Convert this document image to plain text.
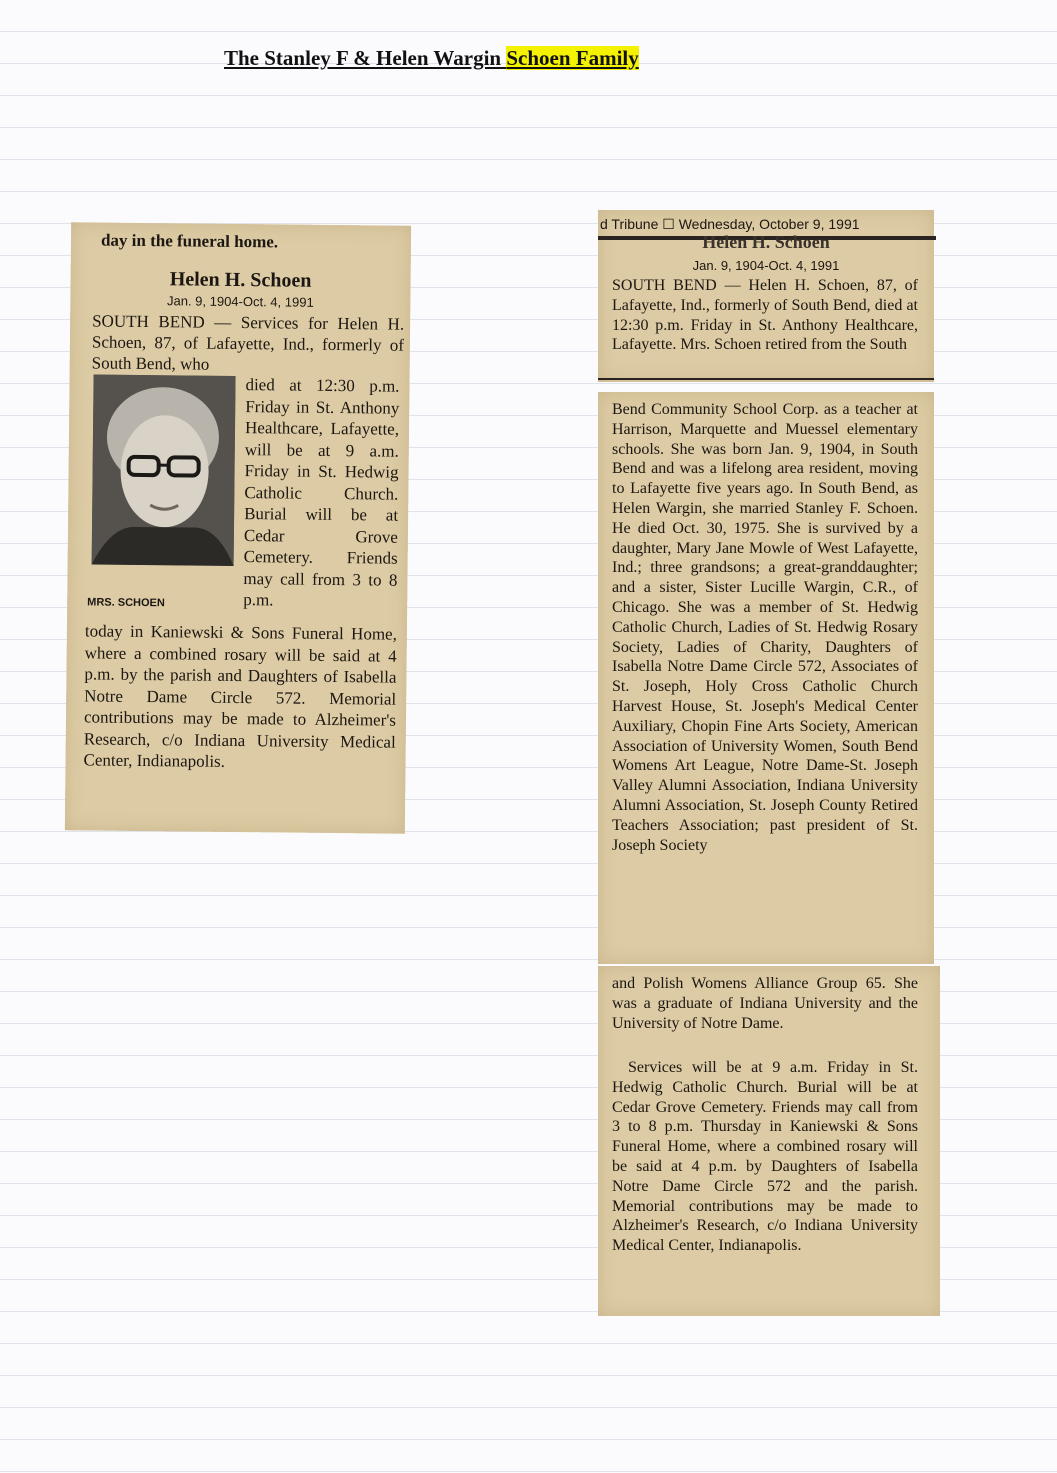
The Stanley F & Helen Wargin Schoen Family

day in the funeral home.

Helen H. Schoen

Jan. 9, 1904-Oct. 4, 1991

SOUTH BEND — Services for Helen H. Schoen, 87, of Lafayette, Ind., formerly of South Bend, who

MRS. SCHOEN

died at 12:30 p.m. Friday in St. Anthony Healthcare, Lafayette, will be at 9 a.m. Friday in St. Hedwig Catholic Church. Burial will be at Cedar Grove Cemetery. Friends may call from 3 to 8 p.m.

today in Kaniewski & Sons Funeral Home, where a combined rosary will be said at 4 p.m. by the parish and Daughters of Isabella Notre Dame Circle 572. Memorial contributions may be made to Alzheimer's Research, c/o Indiana University Medical Center, Indianapolis.

d Tribune ☐ Wednesday, October 9, 1991

Helen H. Schoen

Jan. 9, 1904-Oct. 4, 1991

SOUTH BEND — Helen H. Schoen, 87, of Lafayette, Ind., formerly of South Bend, died at 12:30 p.m. Friday in St. Anthony Healthcare, Lafayette. Mrs. Schoen retired from the South

Bend Community School Corp. as a teacher at Harrison, Marquette and Muessel elementary schools. She was born Jan. 9, 1904, in South Bend and was a lifelong area resident, moving to Lafayette five years ago. In South Bend, as Helen Wargin, she married Stanley F. Schoen. He died Oct. 30, 1975. She is survived by a daughter, Mary Jane Mowle of West Lafayette, Ind.; three grandsons; a great-granddaughter; and a sister, Sister Lucille Wargin, C.R., of Chicago. She was a member of St. Hedwig Catholic Church, Ladies of St. Hedwig Rosary Society, Ladies of Charity, Daughters of Isabella Notre Dame Circle 572, Associates of St. Joseph, Holy Cross Catholic Church Harvest House, St. Joseph's Medical Center Auxiliary, Chopin Fine Arts Society, American Association of University Women, South Bend Womens Art League, Notre Dame-St. Joseph Valley Alumni Association, Indiana University Alumni Association, St. Joseph County Retired Teachers Association; past president of St. Joseph Society

and Polish Womens Alliance Group 65. She was a graduate of Indiana University and the University of Notre Dame.

Services will be at 9 a.m. Friday in St. Hedwig Catholic Church. Burial will be at Cedar Grove Cemetery. Friends may call from 3 to 8 p.m. Thursday in Kaniewski & Sons Funeral Home, where a combined rosary will be said at 4 p.m. by Daughters of Isabella Notre Dame Circle 572 and the parish. Memorial contributions may be made to Alzheimer's Research, c/o Indiana University Medical Center, Indianapolis.
